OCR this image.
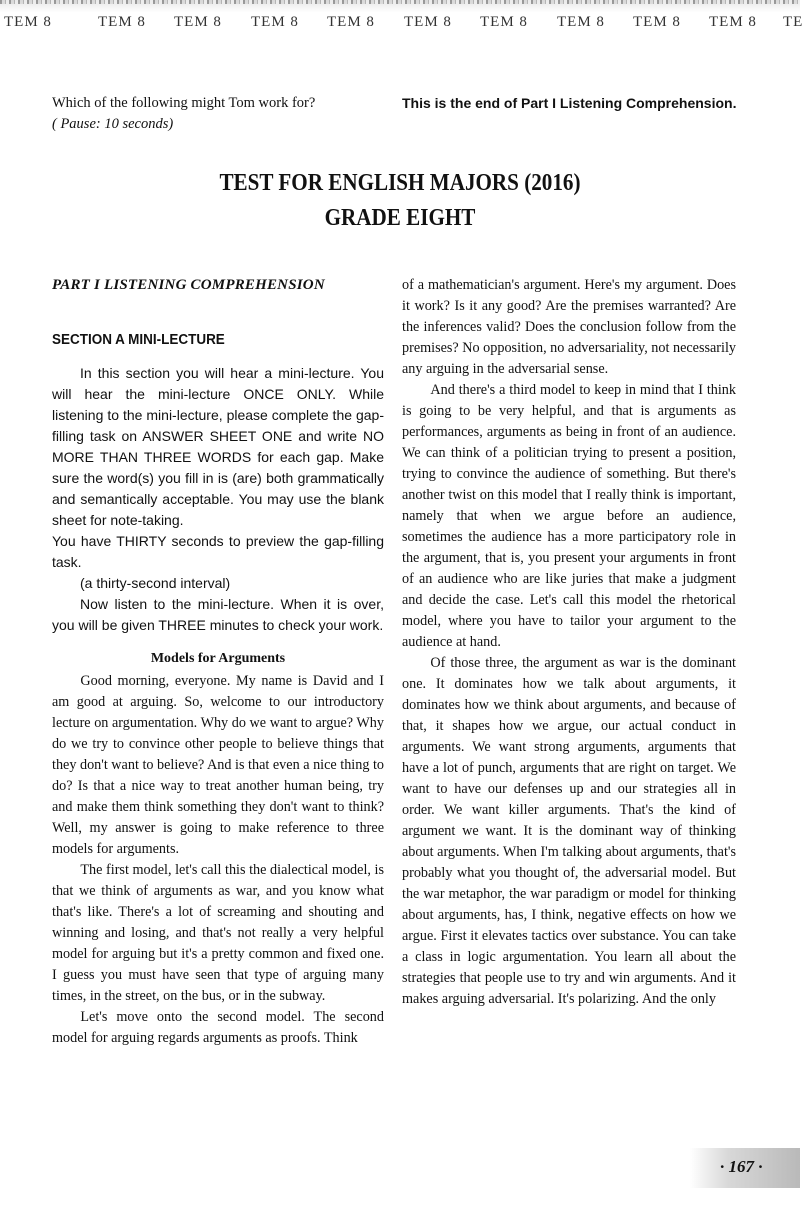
TEM 8	TEM 8 TEM 8 TEM 8 TEM 8 TEM 8 TEM 8 TEM 8 TEM 8 TEM 8 TE
Which of the following might Tom work for?
( Pause: 10 seconds)
This is the end of Part I Listening Comprehension.
TEST FOR ENGLISH MAJORS (2016)
GRADE EIGHT
PART I LISTENING COMPREHENSION
SECTION A MINI-LECTURE

In this section you will hear a mini-lecture. You will hear the mini-lecture ONCE ONLY. While listening to the mini-lecture, please complete the gap-filling task on ANSWER SHEET ONE and write NO MORE THAN THREE WORDS for each gap. Make sure the word(s) you fill in is (are) both grammatically and semantically acceptable. You may use the blank sheet for note-taking.

You have THIRTY seconds to preview the gap-filling task.

(a thirty-second interval)

Now listen to the mini-lecture. When it is over, you will be given THREE minutes to check your work.

Models for Arguments

Good morning, everyone. My name is David and I am good at arguing. So, welcome to our introductory lecture on argumentation. Why do we want to argue? Why do we try to convince other people to believe things that they don't want to believe? And is that even a nice thing to do? Is that a nice way to treat another human being, try and make them think something they don't want to think? Well, my answer is going to make reference to three models for arguments.

The first model, let's call this the dialectical model, is that we think of arguments as war, and you know what that's like. There's a lot of screaming and shouting and winning and losing, and that's not really a very helpful model for arguing but it's a pretty common and fixed one. I guess you must have seen that type of arguing many times, in the street, on the bus, or in the subway.

Let's move onto the second model. The second model for arguing regards arguments as proofs. Think

of a mathematician's argument. Here's my argument. Does it work? Is it any good? Are the premises warranted? Are the inferences valid? Does the conclusion follow from the premises? No opposition, no adversariality, not necessarily any arguing in the adversarial sense.

And there's a third model to keep in mind that I think is going to be very helpful, and that is arguments as performances, arguments as being in front of an audience. We can think of a politician trying to present a position, trying to convince the audience of something. But there's another twist on this model that I really think is important, namely that when we argue before an audience, sometimes the audience has a more participatory role in the argument, that is, you present your arguments in front of an audience who are like juries that make a judgment and decide the case. Let's call this model the rhetorical model, where you have to tailor your argument to the audience at hand.

Of those three, the argument as war is the dominant one. It dominates how we talk about arguments, it dominates how we think about arguments, and because of that, it shapes how we argue, our actual conduct in arguments. We want strong arguments, arguments that have a lot of punch, arguments that are right on target. We want to have our defenses up and our strategies all in order. We want killer arguments. That's the kind of argument we want. It is the dominant way of thinking about arguments. When I'm talking about arguments, that's probably what you thought of, the adversarial model. But the war metaphor, the war paradigm or model for thinking about arguments, has, I think, negative effects on how we argue. First it elevates tactics over substance. You can take a class in logic argumentation. You learn all about the strategies that people use to try and win arguments. And it makes arguing adversarial. It's polarizing. And the only

· 167 ·
